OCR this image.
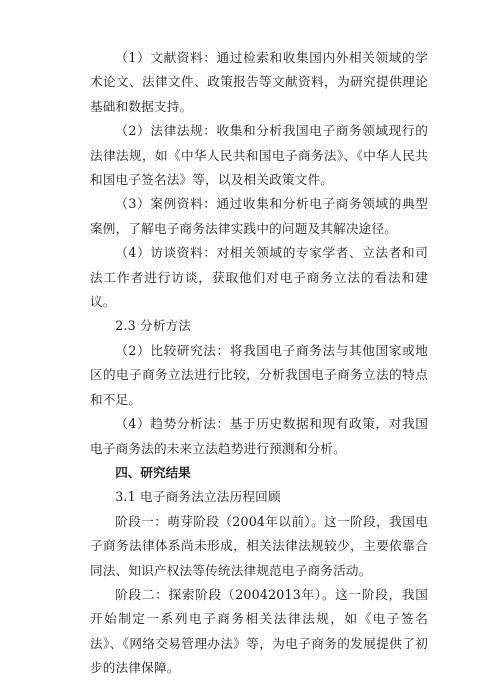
（1）文献资料：通过检索和收集国内外相关领域的学术论文、法律文件、政策报告等文献资料，为研究提供理论基础和数据支持。

（2）法律法规：收集和分析我国电子商务领域现行的法律法规，如《中华人民共和国电子商务法》、《中华人民共和国电子签名法》等，以及相关政策文件。

（3）案例资料：通过收集和分析电子商务领域的典型案例，了解电子商务法律实践中的问题及其解决途径。

（4）访谈资料：对相关领域的专家学者、立法者和司法工作者进行访谈，获取他们对电子商务立法的看法和建议。

2.3 分析方法

（2）比较研究法：将我国电子商务法与其他国家或地区的电子商务立法进行比较，分析我国电子商务立法的特点和不足。

（4）趋势分析法：基于历史数据和现有政策，对我国电子商务法的未来立法趋势进行预测和分析。

四、研究结果

3.1 电子商务法立法历程回顾

阶段一：萌芽阶段（2004年以前）。这一阶段，我国电子商务法律体系尚未形成，相关法律法规较少，主要依靠合同法、知识产权法等传统法律规范电子商务活动。

阶段二：探索阶段（20042013年）。这一阶段，我国开始制定一系列电子商务相关法律法规，如《电子签名法》、《网络交易管理办法》等，为电子商务的发展提供了初步的法律保障。
